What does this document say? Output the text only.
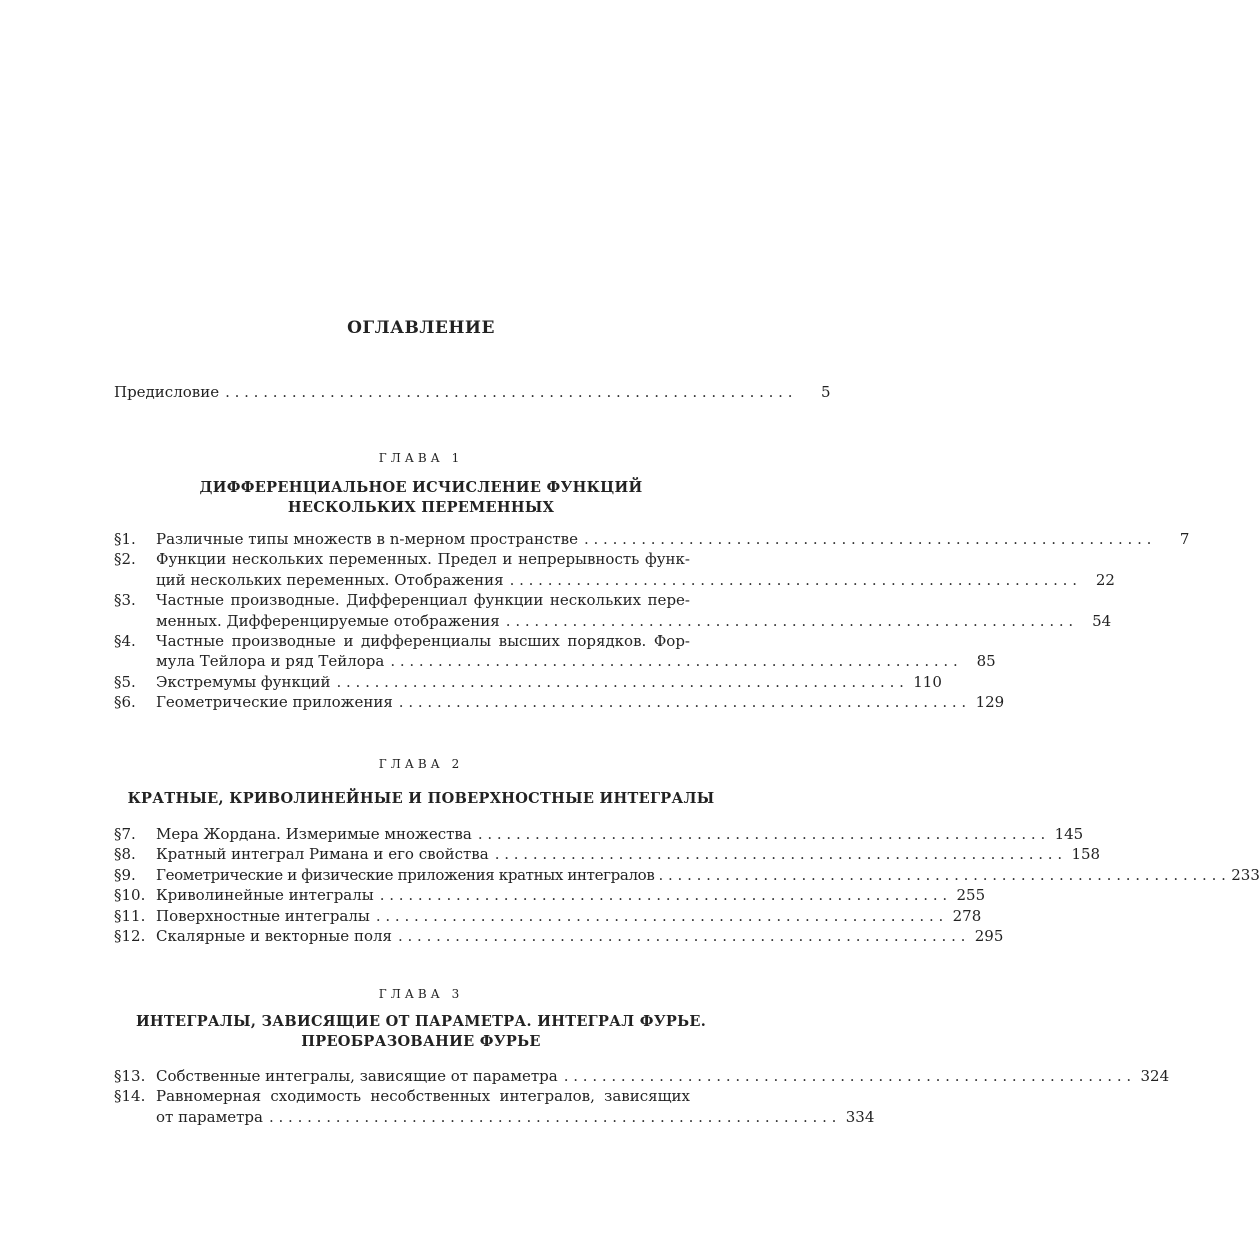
ОГЛАВЛЕНИЕ
Предисловие . . . . . . . . . . . . . . . . . . . . . . . . . . . . . . . . . . . . . . . . . . . . . . . . . . . . . . . . . . . .	5
ГЛАВА 1
ДИФФЕРЕНЦИАЛЬНОЕ ИСЧИСЛЕНИЕ ФУНКЦИЙ
НЕСКОЛЬКИХ ПЕРЕМЕННЫХ
§1.	Различные типы множеств в n-мерном пространстве . . . . . . . . . . . . . . . . . . . . . . . . . . . . . . . . . . . . . . . . . . . . . . . . . . . . . . . . . . . .	7
§2.	Функции нескольких переменных. Предел и непрерывность функ-
ций нескольких переменных. Отображения . . . . . . . . . . . . . . . . . . . . . . . . . . . . . . . . . . . . . . . . . . . . . . . . . . . . . . . . . . . .	22
§3.	Частные производные. Дифференциал функции нескольких пере-
менных. Дифференцируемые отображения . . . . . . . . . . . . . . . . . . . . . . . . . . . . . . . . . . . . . . . . . . . . . . . . . . . . . . . . . . . .	54
§4.	Частные производные и дифференциалы высших порядков. Фор-
мула Тейлора и ряд Тейлора . . . . . . . . . . . . . . . . . . . . . . . . . . . . . . . . . . . . . . . . . . . . . . . . . . . . . . . . . . . .	85
§5.	Экстремумы функций . . . . . . . . . . . . . . . . . . . . . . . . . . . . . . . . . . . . . . . . . . . . . . . . . . . . . . . . . . . . 110
§6.	Геометрические приложения . . . . . . . . . . . . . . . . . . . . . . . . . . . . . . . . . . . . . . . . . . . . . . . . . . . . . . . . . . . . 129
ГЛАВА 2
КРАТНЫЕ, КРИВОЛИНЕЙНЫЕ И ПОВЕРХНОСТНЫЕ ИНТЕГРАЛЫ
§7.	Мера Жордана. Измеримые множества . . . . . . . . . . . . . . . . . . . . . . . . . . . . . . . . . . . . . . . . . . . . . . . . . . . . . . . . . . . . 145
§8.	Кратный интеграл Римана и его свойства . . . . . . . . . . . . . . . . . . . . . . . . . . . . . . . . . . . . . . . . . . . . . . . . . . . . . . . . . . . . 158
§9.	Геометрические и физические приложения кратных интегралов . . . . . . . . . . . . . . . . . . . . . . . . . . . . . . . . . . . . . . . . . . . . . . . . . . . . . . . . . . . . 233
§10. Криволинейные интегралы . . . . . . . . . . . . . . . . . . . . . . . . . . . . . . . . . . . . . . . . . . . . . . . . . . . . . . . . . . . . 255
§11. Поверхностные интегралы . . . . . . . . . . . . . . . . . . . . . . . . . . . . . . . . . . . . . . . . . . . . . . . . . . . . . . . . . . . . 278
§12. Скалярные и векторные поля . . . . . . . . . . . . . . . . . . . . . . . . . . . . . . . . . . . . . . . . . . . . . . . . . . . . . . . . . . . . 295
ГЛАВА 3
ИНТЕГРАЛЫ, ЗАВИСЯЩИЕ ОТ ПАРАМЕТРА. ИНТЕГРАЛ ФУРЬЕ.
ПРЕОБРАЗОВАНИЕ ФУРЬЕ
§13. Собственные интегралы, зависящие от параметра . . . . . . . . . . . . . . . . . . . . . . . . . . . . . . . . . . . . . . . . . . . . . . . . . . . . . . . . . . . . 324
§14. Равномерная сходимость несобственных интегралов, зависящих
от параметра . . . . . . . . . . . . . . . . . . . . . . . . . . . . . . . . . . . . . . . . . . . . . . . . . . . . . . . . . . . . 334
